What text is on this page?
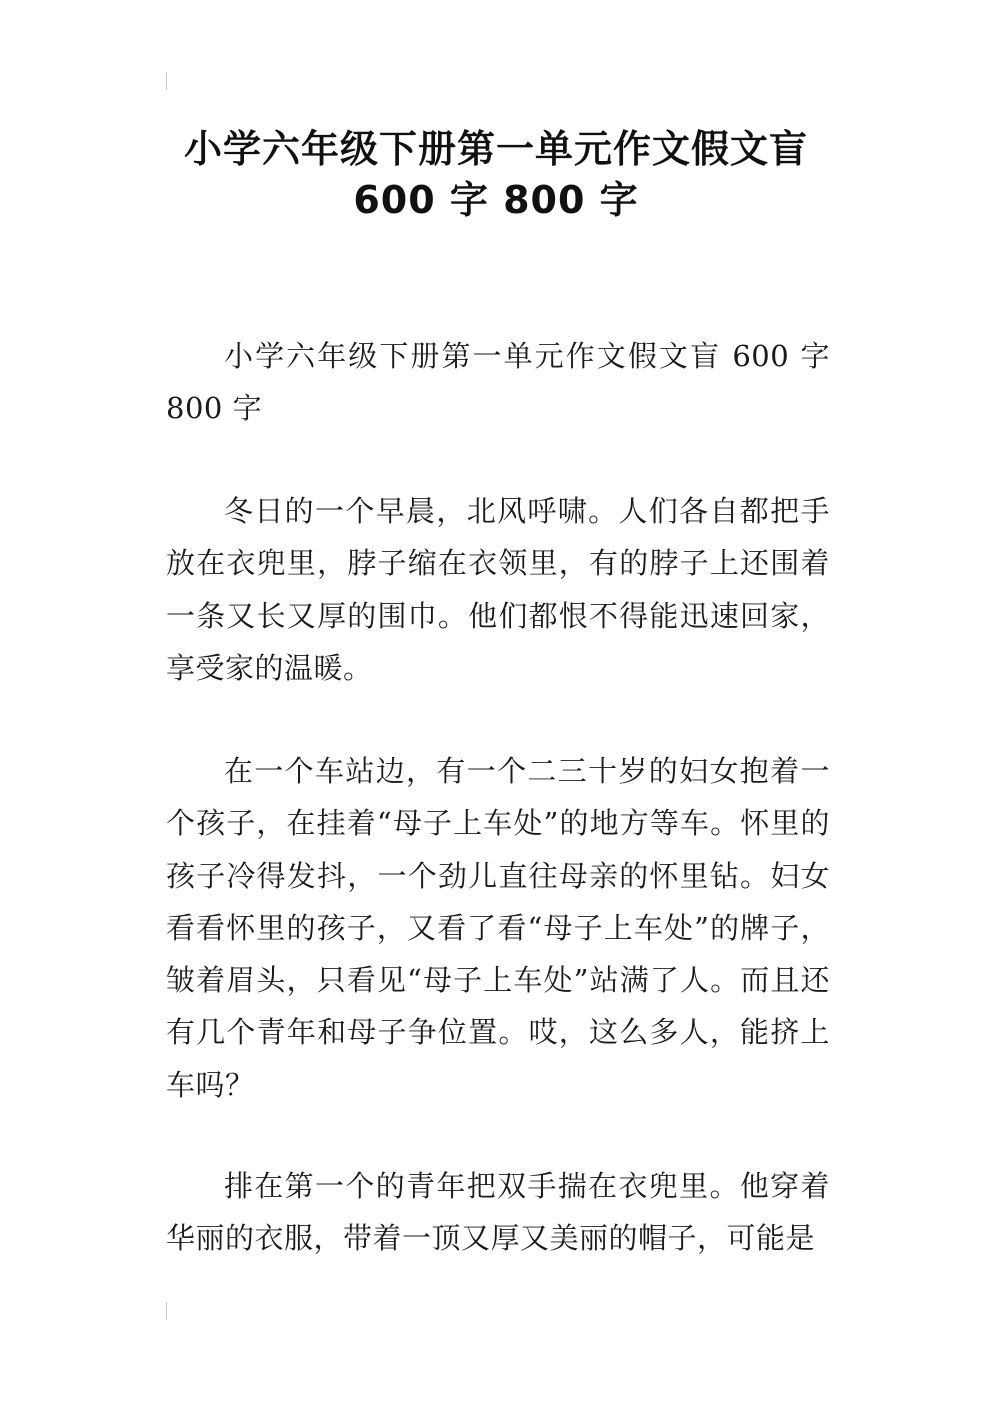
小学六年级下册第一单元作文假文盲
600 字 800 字

小学六年级下册第一单元作文假文盲 600 字 800 字

冬日的一个早晨，北风呼啸。人们各自都把手放在衣兜里，脖子缩在衣领里，有的脖子上还围着一条又长又厚的围巾。他们都恨不得能迅速回家，享受家的温暖。

在一个车站边，有一个二三十岁的妇女抱着一个孩子，在挂着“母子上车处”的地方等车。怀里的孩子冷得发抖，一个劲儿直往母亲的怀里钻。妇女看看怀里的孩子，又看了看“母子上车处”的牌子，皱着眉头，只看见“母子上车处”站满了人。而且还有几个青年和母子争位置。哎，这么多人，能挤上车吗？

排在第一个的青年把双手揣在衣兜里。他穿着华丽的衣服，带着一顶又厚又美丽的帽子，可能是
